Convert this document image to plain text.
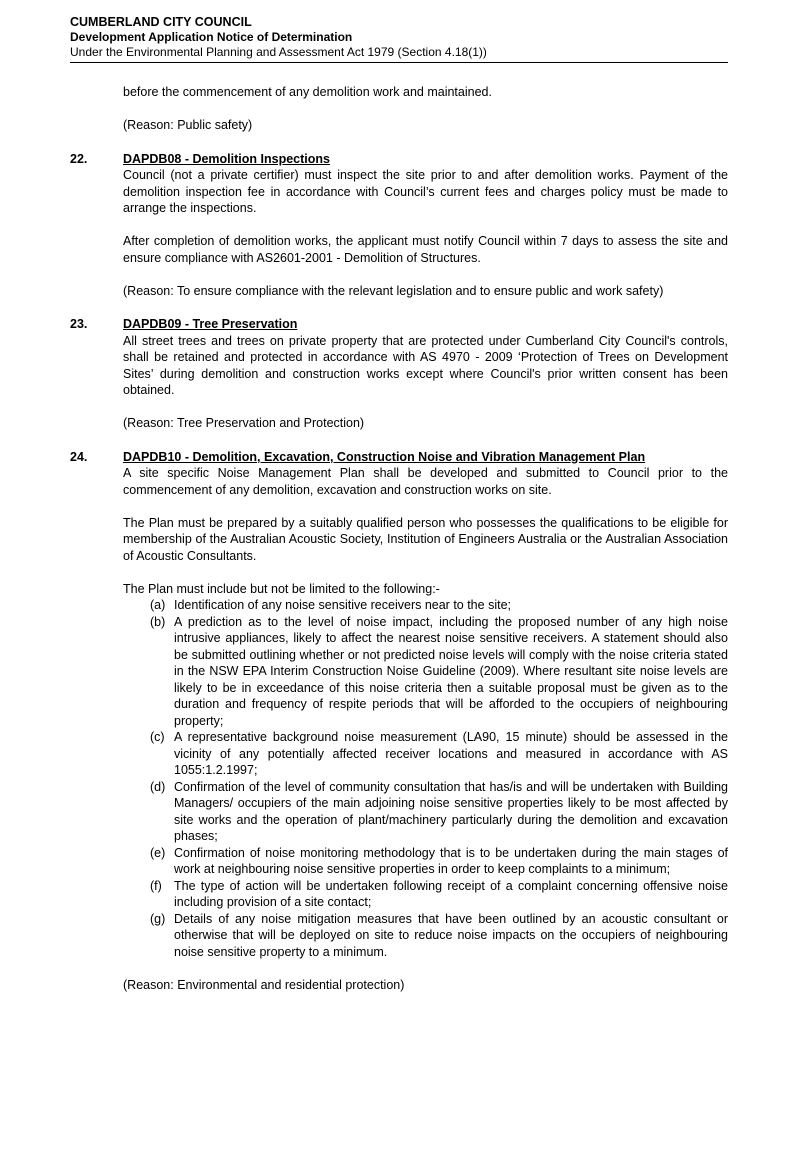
CUMBERLAND CITY COUNCIL
Development Application Notice of Determination
Under the Environmental Planning and Assessment Act 1979 (Section 4.18(1))

before the commencement of any demolition work and maintained.

(Reason: Public safety)

22.	DAPDB08 - Demolition Inspections

Council (not a private certifier) must inspect the site prior to and after demolition works. Payment of the demolition inspection fee in accordance with Council’s current fees and charges policy must be made to arrange the inspections.

After completion of demolition works, the applicant must notify Council within 7 days to assess the site and ensure compliance with AS2601-2001 - Demolition of Structures.

(Reason: To ensure compliance with the relevant legislation and to ensure public and work safety)

23.	DAPDB09 - Tree Preservation

All street trees and trees on private property that are protected under Cumberland City Council's controls, shall be retained and protected in accordance with AS 4970 - 2009 ‘Protection of Trees on Development Sites’ during demolition and construction works except where Council's prior written consent has been obtained.

(Reason: Tree Preservation and Protection)

24.	DAPDB10 - Demolition, Excavation, Construction Noise and Vibration Management Plan

A site specific Noise Management Plan shall be developed and submitted to Council prior to the commencement of any demolition, excavation and construction works on site.

The Plan must be prepared by a suitably qualified person who possesses the qualifications to be eligible for membership of the Australian Acoustic Society, Institution of Engineers Australia or the Australian Association of Acoustic Consultants.

The Plan must include but not be limited to the following:-

(a) Identification of any noise sensitive receivers near to the site;
(b) A prediction as to the level of noise impact, including the proposed number of any high noise intrusive appliances, likely to affect the nearest noise sensitive receivers. A statement should also be submitted outlining whether or not predicted noise levels will comply with the noise criteria stated in the NSW EPA Interim Construction Noise Guideline (2009). Where resultant site noise levels are likely to be in exceedance of this noise criteria then a suitable proposal must be given as to the duration and frequency of respite periods that will be afforded to the occupiers of neighbouring property;
(c) A representative background noise measurement (LA90, 15 minute) should be assessed in the vicinity of any potentially affected receiver locations and measured in accordance with AS 1055:1.2.1997;
(d) Confirmation of the level of community consultation that has/is and will be undertaken with Building Managers/ occupiers of the main adjoining noise sensitive properties likely to be most affected by site works and the operation of plant/machinery particularly during the demolition and excavation phases;
(e) Confirmation of noise monitoring methodology that is to be undertaken during the main stages of work at neighbouring noise sensitive properties in order to keep complaints to a minimum;
(f) The type of action will be undertaken following receipt of a complaint concerning offensive noise including provision of a site contact;
(g) Details of any noise mitigation measures that have been outlined by an acoustic consultant or otherwise that will be deployed on site to reduce noise impacts on the occupiers of neighbouring noise sensitive property to a minimum.

(Reason: Environmental and residential protection)
